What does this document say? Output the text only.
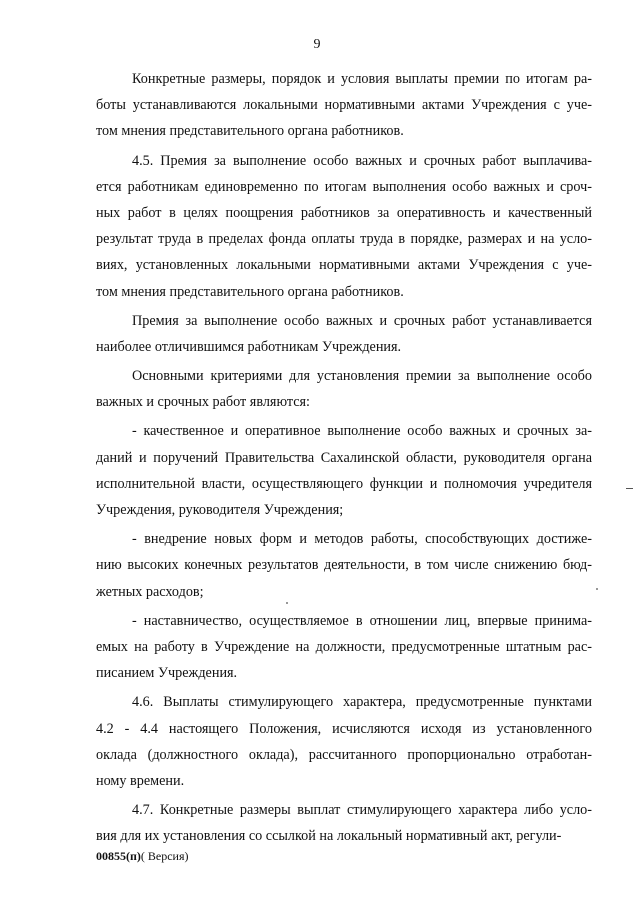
9
Конкретные размеры, порядок и условия выплаты премии по итогам ра-
боты устанавливаются локальными нормативными актами Учреждения с уче-
том мнения представительного органа работников.
4.5. Премия за выполнение особо важных и срочных работ выплачива-
ется работникам единовременно по итогам выполнения особо важных и сроч-
ных работ в целях поощрения работников за оперативность и качественный
результат труда в пределах фонда оплаты труда в порядке, размерах и на усло-
виях, установленных локальными нормативными актами Учреждения с уче-
том мнения представительного органа работников.
Премия за выполнение особо важных и срочных работ устанавливается
наиболее отличившимся работникам Учреждения.
Основными критериями для установления премии за выполнение особо
важных и срочных работ являются:
- качественное и оперативное выполнение особо важных и срочных за-
даний и поручений Правительства Сахалинской области, руководителя органа
исполнительной власти, осуществляющего функции и полномочия учредителя
Учреждения, руководителя Учреждения;
- внедрение новых форм и методов работы, способствующих достиже-
нию высоких конечных результатов деятельности, в том числе снижению бюд-
жетных расходов;
- наставничество, осуществляемое в отношении лиц, впервые принима-
емых на работу в Учреждение на должности, предусмотренные штатным рас-
писанием Учреждения.
4.6. Выплаты стимулирующего характера, предусмотренные пунктами
4.2 - 4.4 настоящего Положения, исчисляются исходя из установленного
оклада (должностного оклада), рассчитанного пропорционально отработан-
ному времени.
4.7. Конкретные размеры выплат стимулирующего характера либо усло-
вия для их установления со ссылкой на локальный нормативный акт, регули-
00855(п)( Версия)
